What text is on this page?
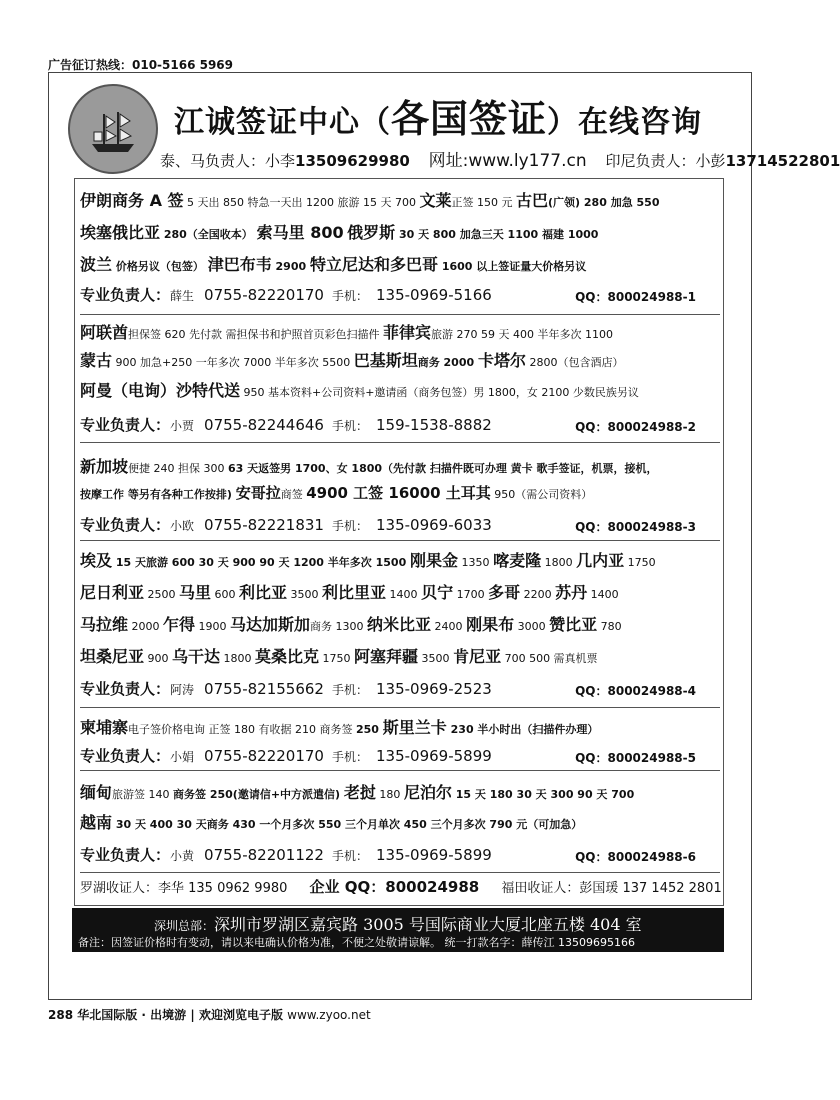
广告征订热线：010-5166 5969
江诚签证中心（各国签证）在线咨询
泰、马负责人：小李13509629980 网址:www.ly177.cn 印尼负责人：小彭13714522801
伊朗商务 A 签 5 天出 850 特急一天出 1200 旅游 15 天 700 文莱正签 150 元 古巴(广领) 280 加急 550
埃塞俄比亚 280（全国收本） 索马里 800 俄罗斯 30 天 800 加急三天 1100 福建 1000
波兰 价格另议（包签） 津巴布韦 2900 特立尼达和多巴哥 1600 以上签证量大价格另议
专业负责人：薛生 0755-82220170 手机： 135-0969-5166	QQ：800024988-1
阿联酋担保签 620 先付款 需担保书和护照首页彩色扫描件 菲律宾旅游 270 59 天 400 半年多次 1100
蒙古 900 加急+250 一年多次 7000 半年多次 5500 巴基斯坦商务 2000 卡塔尔 2800（包含酒店）
阿曼（电询）沙特代送 950 基本资料+公司资料+邀请函（商务包签）男 1800，女 2100 少数民族另议
专业负责人：小贾 0755-82244646 手机： 159-1538-8882	QQ：800024988-2
新加坡便捷 240 担保 300 63 天返签男 1700、女 1800（先付款 扫描件既可办理 黄卡 歌手签证，机票，接机，
按摩工作 等另有各种工作按排) 安哥拉商签 4900 工签 16000 土耳其 950（需公司资料）
专业负责人：小欧 0755-82221831 手机： 135-0969-6033	QQ：800024988-3
埃及 15 天旅游 600 30 天 900 90 天 1200 半年多次 1500 刚果金 1350 喀麦隆 1800 几内亚 1750
尼日利亚 2500 马里 600 利比亚 3500 利比里亚 1400 贝宁 1700 多哥 2200 苏丹 1400
马拉维 2000 乍得 1900 马达加斯加商务 1300 纳米比亚 2400 刚果布 3000 赞比亚 780
坦桑尼亚 900 乌干达 1800 莫桑比克 1750 阿塞拜疆 3500 肯尼亚 700 500 需真机票
专业负责人：阿涛 0755-82155662 手机： 135-0969-2523	QQ：800024988-4
柬埔寨电子签价格电询 正签 180 有收据 210 商务签 250 斯里兰卡 230 半小时出（扫描件办理）
专业负责人：小娟 0755-82220170 手机： 135-0969-5899	QQ：800024988-5
缅甸旅游签 140 商务签 250(邀请信+中方派遣信) 老挝 180 尼泊尔 15 天 180 30 天 300 90 天 700
越南 30 天 400 30 天商务 430 一个月多次 550 三个月单次 450 三个月多次 790 元（可加急）
专业负责人：小黄 0755-82201122 手机： 135-0969-5899	QQ：800024988-6
罗湖收证人：李华 135 0962 9980 企业 QQ：800024988 福田收证人：彭国瑗 137 1452 2801
深圳总部：深圳市罗湖区嘉宾路 3005 号国际商业大厦北座五楼 404 室
备注：因签证价格时有变动，请以来电确认价格为准，不便之处敬请谅解。 统一打款名字：薛传江 13509695166
288 华北国际版 · 出境游 | 欢迎浏览电子版 www.zyoo.net
